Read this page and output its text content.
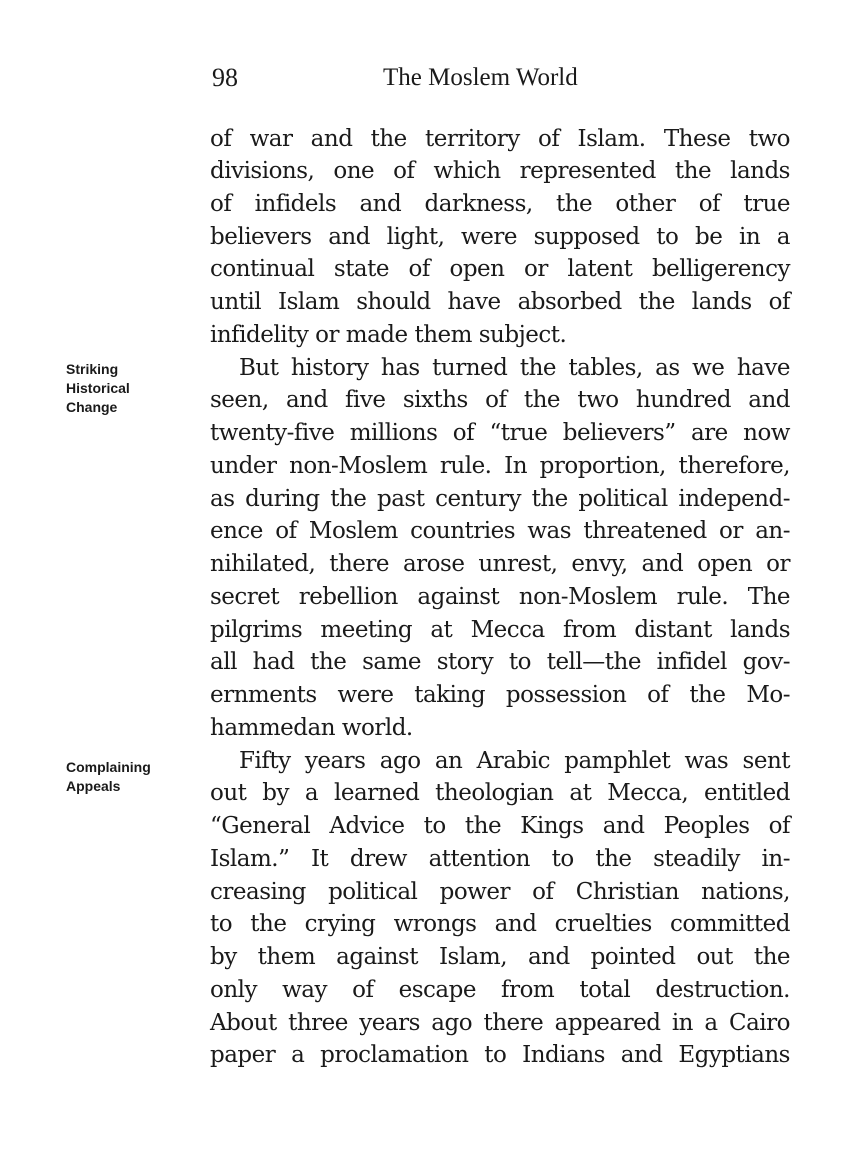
98	The Moslem World
Striking
Historical
Change
Complaining
Appeals
of war and the territory of Islam. These two
divisions, one of which represented the lands
of infidels and darkness, the other of true
believers and light, were supposed to be in a
continual state of open or latent belligerency
until Islam should have absorbed the lands of
infidelity or made them subject.
But history has turned the tables, as we have
seen, and five sixths of the two hundred and
twenty-five millions of “true believers” are now
under non-Moslem rule. In proportion, therefore,
as during the past century the political independ-
ence of Moslem countries was threatened or an-
nihilated, there arose unrest, envy, and open or
secret rebellion against non-Moslem rule. The
pilgrims meeting at Mecca from distant lands
all had the same story to tell—the infidel gov-
ernments were taking possession of the Mo-
hammedan world.
Fifty years ago an Arabic pamphlet was sent
out by a learned theologian at Mecca, entitled
“General Advice to the Kings and Peoples of
Islam.” It drew attention to the steadily in-
creasing political power of Christian nations,
to the crying wrongs and cruelties committed
by them against Islam, and pointed out the
only way of escape from total destruction.
About three years ago there appeared in a Cairo
paper a proclamation to Indians and Egyptians
